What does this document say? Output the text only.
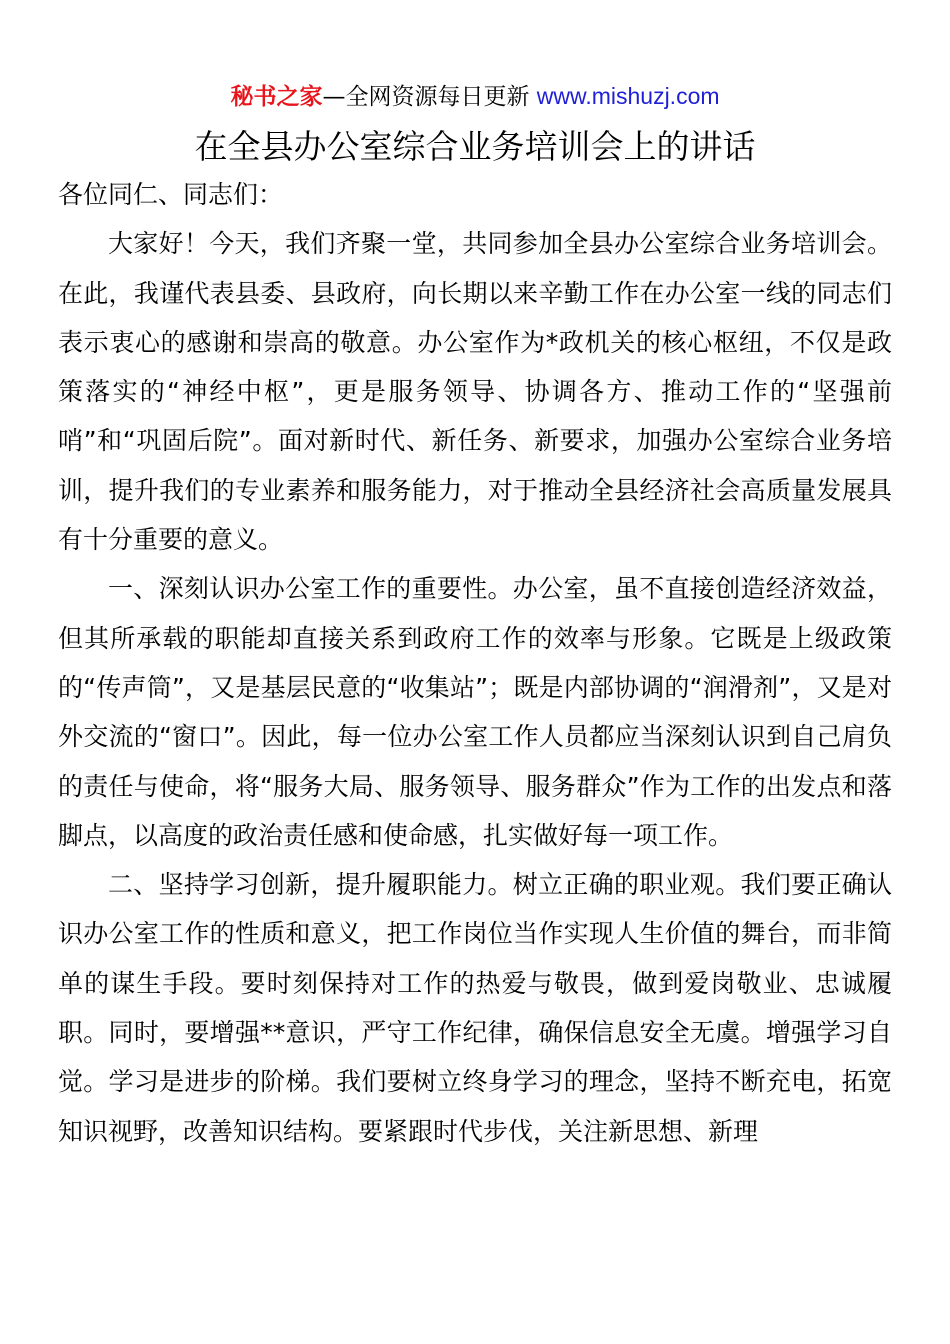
秘书之家—全网资源每日更新 www.mishuzj.com
在全县办公室综合业务培训会上的讲话

各位同仁、同志们：

大家好！今天，我们齐聚一堂，共同参加全县办公室综合业务培训会。在此，我谨代表县委、县政府，向长期以来辛勤工作在办公室一线的同志们表示衷心的感谢和崇高的敬意。办公室作为*政机关的核心枢纽，不仅是政策落实的“神经中枢”，更是服务领导、协调各方、推动工作的“坚强前哨”和“巩固后院”。面对新时代、新任务、新要求，加强办公室综合业务培训，提升我们的专业素养和服务能力，对于推动全县经济社会高质量发展具有十分重要的意义。

一、深刻认识办公室工作的重要性。办公室，虽不直接创造经济效益，但其所承载的职能却直接关系到政府工作的效率与形象。它既是上级政策的“传声筒”，又是基层民意的“收集站”；既是内部协调的“润滑剂”，又是对外交流的“窗口”。因此，每一位办公室工作人员都应当深刻认识到自己肩负的责任与使命，将“服务大局、服务领导、服务群众”作为工作的出发点和落脚点，以高度的政治责任感和使命感，扎实做好每一项工作。

二、坚持学习创新，提升履职能力。树立正确的职业观。我们要正确认识办公室工作的性质和意义，把工作岗位当作实现人生价值的舞台，而非简单的谋生手段。要时刻保持对工作的热爱与敬畏，做到爱岗敬业、忠诚履职。同时，要增强**意识，严守工作纪律，确保信息安全无虞。增强学习自觉。学习是进步的阶梯。我们要树立终身学习的理念，坚持不断充电，拓宽知识视野，改善知识结构。要紧跟时代步伐，关注新思想、新理
